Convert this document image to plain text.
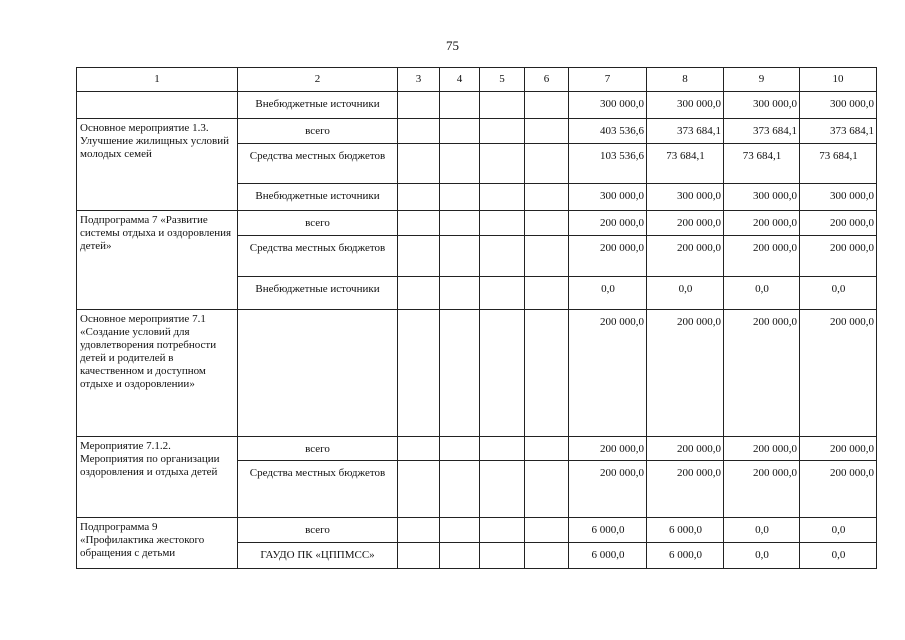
75
1	2	3	4	5	6	7	8	9	10
	Внебюджетные источники					300 000,0	300 000,0	300 000,0	300 000,0
Основное мероприятие 1.3. Улучшение жилищных условий молодых семей	всего					403 536,6	373 684,1	373 684,1	373 684,1
	Средства местных бюджетов					103 536,6	73 684,1	73 684,1	73 684,1
	Внебюджетные источники					300 000,0	300 000,0	300 000,0	300 000,0
Подпрограмма 7 «Развитие системы отдыха и оздоровления детей»	всего					200 000,0	200 000,0	200 000,0	200 000,0
	Средства местных бюджетов					200 000,0	200 000,0	200 000,0	200 000,0
	Внебюджетные источники					0,0	0,0	0,0	0,0
Основное мероприятие 7.1 «Создание условий для удовлетворения потребности детей и родителей в качественном и доступном отдыхе и оздоровлении»						200 000,0	200 000,0	200 000,0	200 000,0
Мероприятие 7.1.2. Мероприятия по организации оздоровления и отдыха детей	всего					200 000,0	200 000,0	200 000,0	200 000,0
	Средства местных бюджетов					200 000,0	200 000,0	200 000,0	200 000,0
Подпрограмма 9 «Профилактика жестокого обращения с детьми	всего					6 000,0	6 000,0	0,0	0,0
	ГАУДО ПК «ЦППМСС»					6 000,0	6 000,0	0,0	0,0
